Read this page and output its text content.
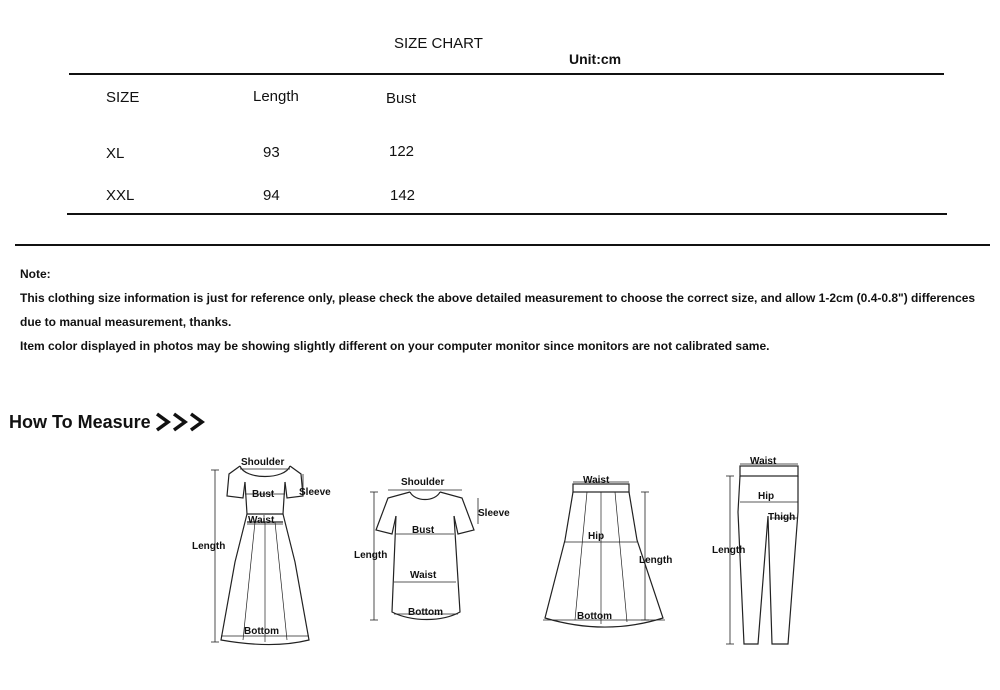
SIZE CHART
Unit:cm
SIZE	Length	Bust
XL	93	122
XXL	94	142

Note:

This clothing size information is just for reference only, please check the above detailed measurement to choose the correct size, and allow 1-2cm (0.4-0.8") differences

due to manual measurement, thanks.

Item color displayed in photos may be showing slightly different on your computer monitor since monitors are not calibrated same.

How To Measure
Shoulder
Bust Sleeve
Waist
Length
Bottom
Shoulder
Sleeve
Bust
Length
Waist
Bottom
Waist
Hip
Length
Bottom
Waist
Hip
Thigh
Length
